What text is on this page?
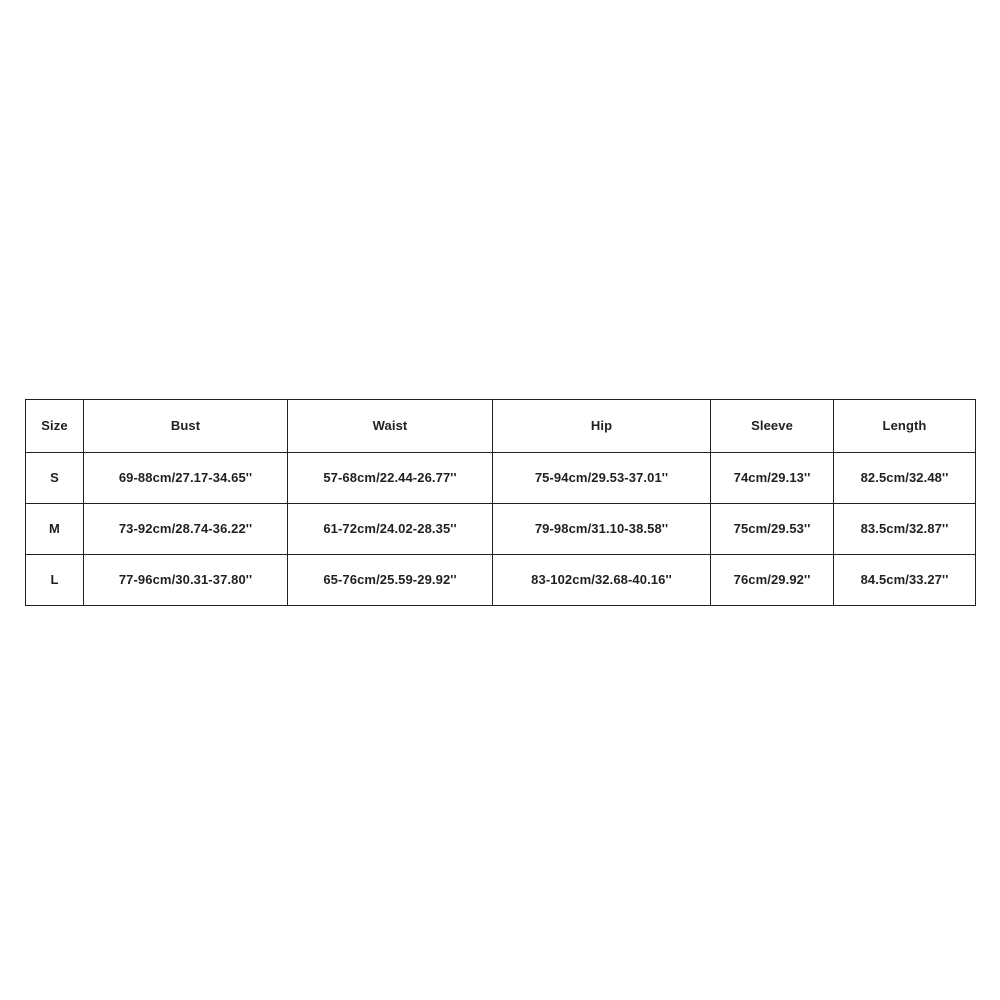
Size	Bust	Waist	Hip	Sleeve	Length
S	69-88cm/27.17-34.65''	57-68cm/22.44-26.77''	75-94cm/29.53-37.01''	74cm/29.13''	82.5cm/32.48''
M	73-92cm/28.74-36.22''	61-72cm/24.02-28.35''	79-98cm/31.10-38.58''	75cm/29.53''	83.5cm/32.87''
L	77-96cm/30.31-37.80''	65-76cm/25.59-29.92''	83-102cm/32.68-40.16''	76cm/29.92''	84.5cm/33.27''
